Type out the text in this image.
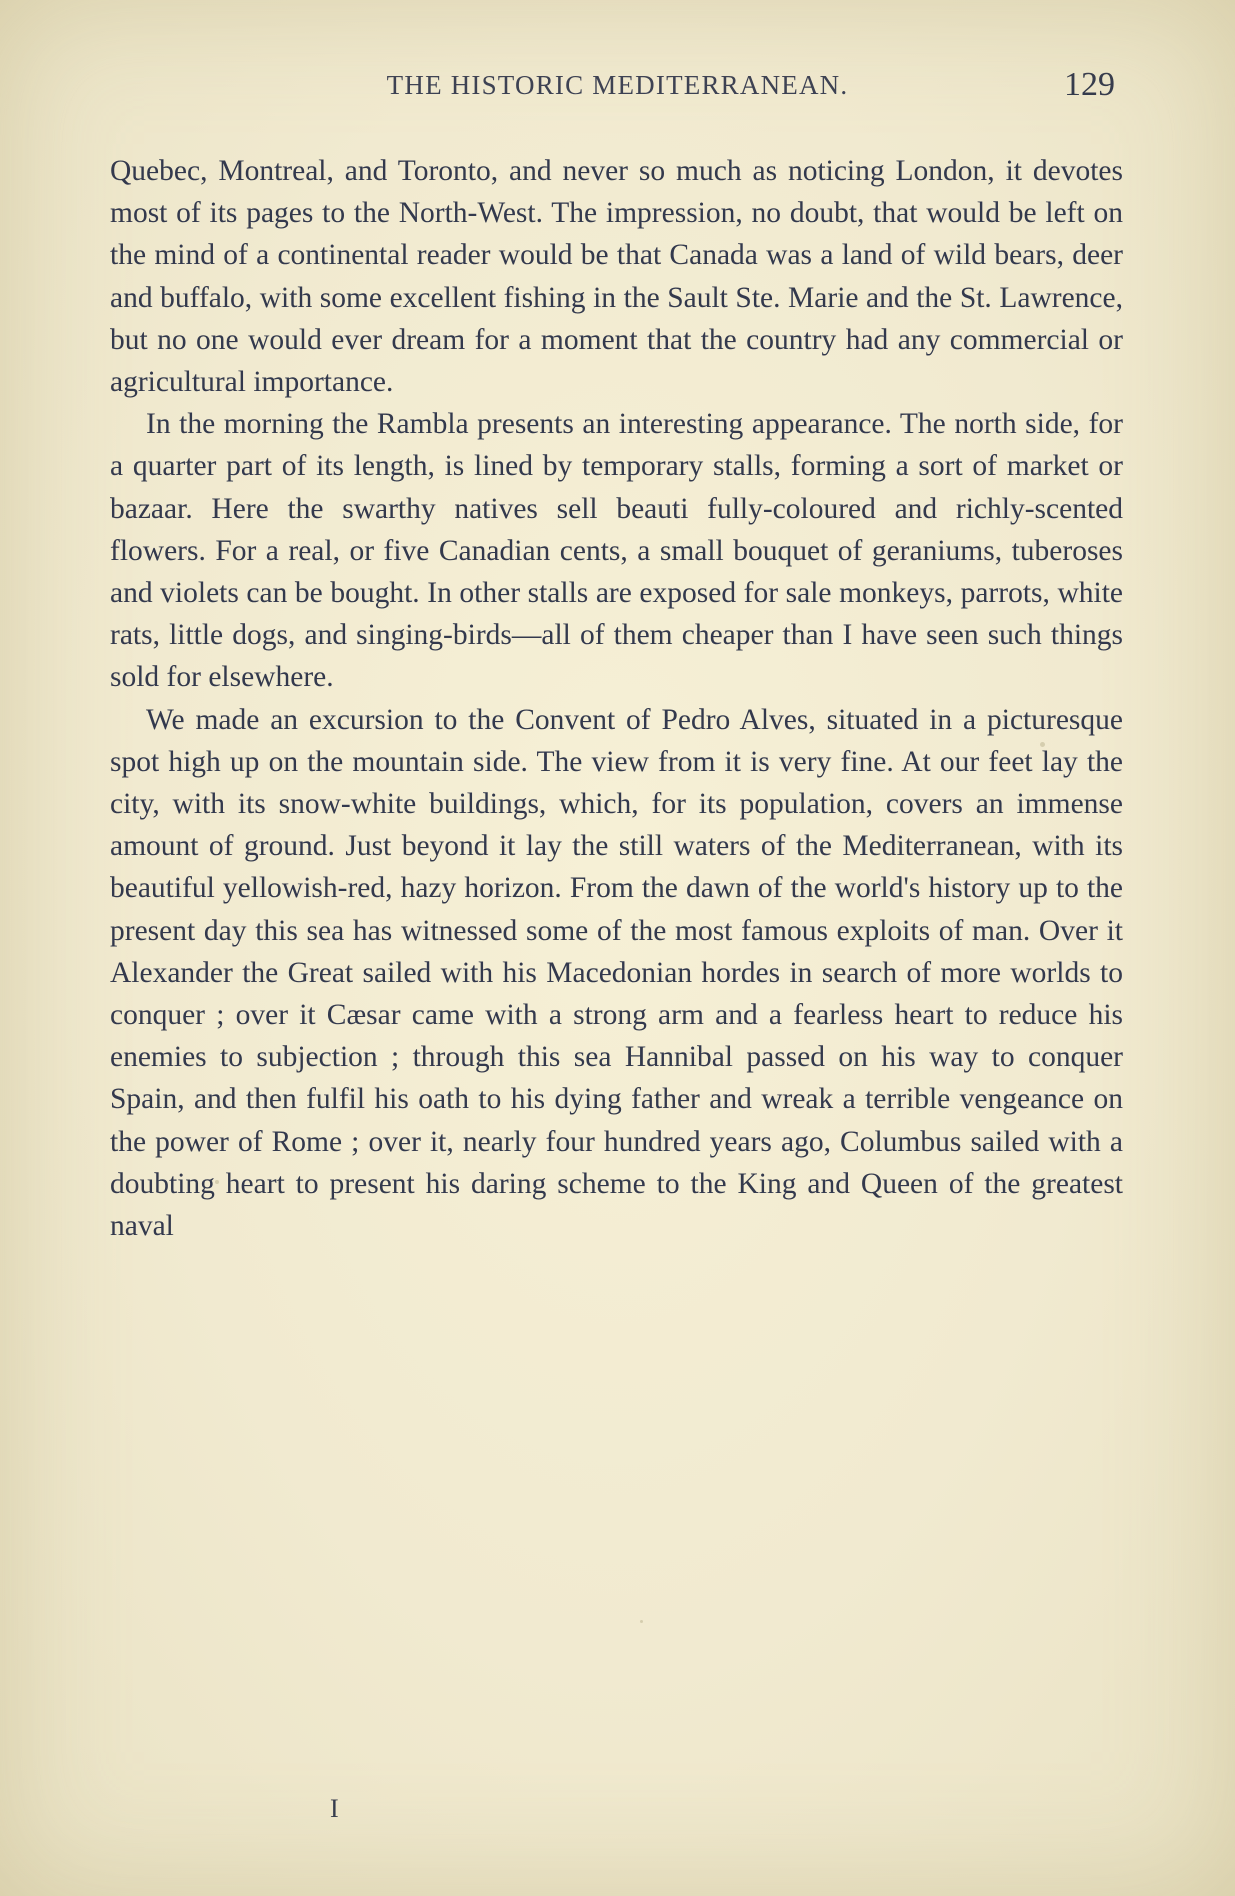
THE HISTORIC MEDITERRANEAN.	129

Quebec, Montreal, and Toronto, and never so much as noticing London, it devotes most of its pages to the North-West. The impression, no doubt, that would be left on the mind of a continental reader would be that Canada was a land of wild bears, deer and buffalo, with some excellent fishing in the Sault Ste. Marie and the St. Lawrence, but no one would ever dream for a moment that the country had any commercial or agricultural importance.

In the morning the Rambla presents an interesting appearance. The north side, for a quarter part of its length, is lined by temporary stalls, forming a sort of market or bazaar. Here the swarthy natives sell beauti fully-coloured and richly-scented flowers. For a real, or five Canadian cents, a small bouquet of geraniums, tuberoses and violets can be bought. In other stalls are exposed for sale monkeys, parrots, white rats, little dogs, and singing-birds—all of them cheaper than I have seen such things sold for elsewhere.

We made an excursion to the Convent of Pedro Alves, situated in a picturesque spot high up on the mountain side. The view from it is very fine. At our feet lay the city, with its snow-white buildings, which, for its population, covers an immense amount of ground. Just beyond it lay the still waters of the Mediterranean, with its beautiful yellowish-red, hazy horizon. From the dawn of the world's history up to the present day this sea has witnessed some of the most famous exploits of man. Over it Alexander the Great sailed with his Macedonian hordes in search of more worlds to conquer ; over it Cæsar came with a strong arm and a fearless heart to reduce his enemies to subjection ; through this sea Hannibal passed on his way to conquer Spain, and then fulfil his oath to his dying father and wreak a terrible vengeance on the power of Rome ; over it, nearly four hundred years ago, Columbus sailed with a doubting heart to present his daring scheme to the King and Queen of the greatest naval

I
